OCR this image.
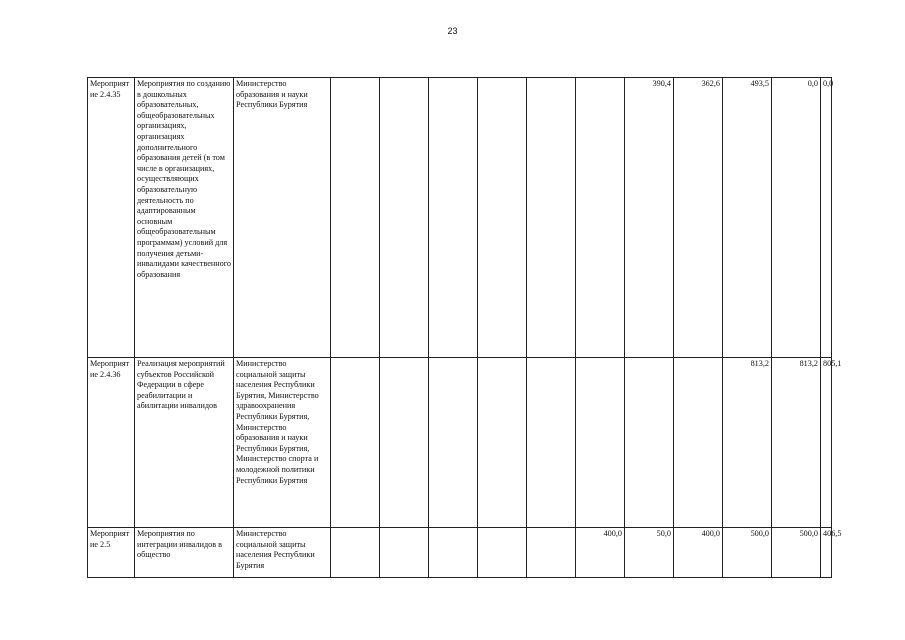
23
Мероприят ие 2.4.35	Мероприятия по созданию в дошкольных образовательных, общеобразовательных организациях, организациях дополнительного образования детей (в том числе в организациях, осуществляющих образовательную деятельность по адаптированным основным общеобразовательным программам) условий для получения детьми-инвалидами качественного образования	Министерство образования и науки Республики Бурятия							390,4	362,6	493,5	0,0	0,0
Мероприят ие 2.4.36	Реализация мероприятий субъектов Российской Федерации в сфере реабилитации и абилитации инвалидов	Министерство социальной защиты населения Республики Бурятия, Министерство здравоохранения Республики Бурятия, Министерство образования и науки Республики Бурятия, Министерство спорта и молодежной политики Республики Бурятия									813,2	813,2	805,1
Мероприят ие 2.5	Мероприятия по интеграции инвалидов в общество	Министерство социальной защиты населения Республики Бурятия						400,0	50,0	400,0	500,0	500,0	406,5
